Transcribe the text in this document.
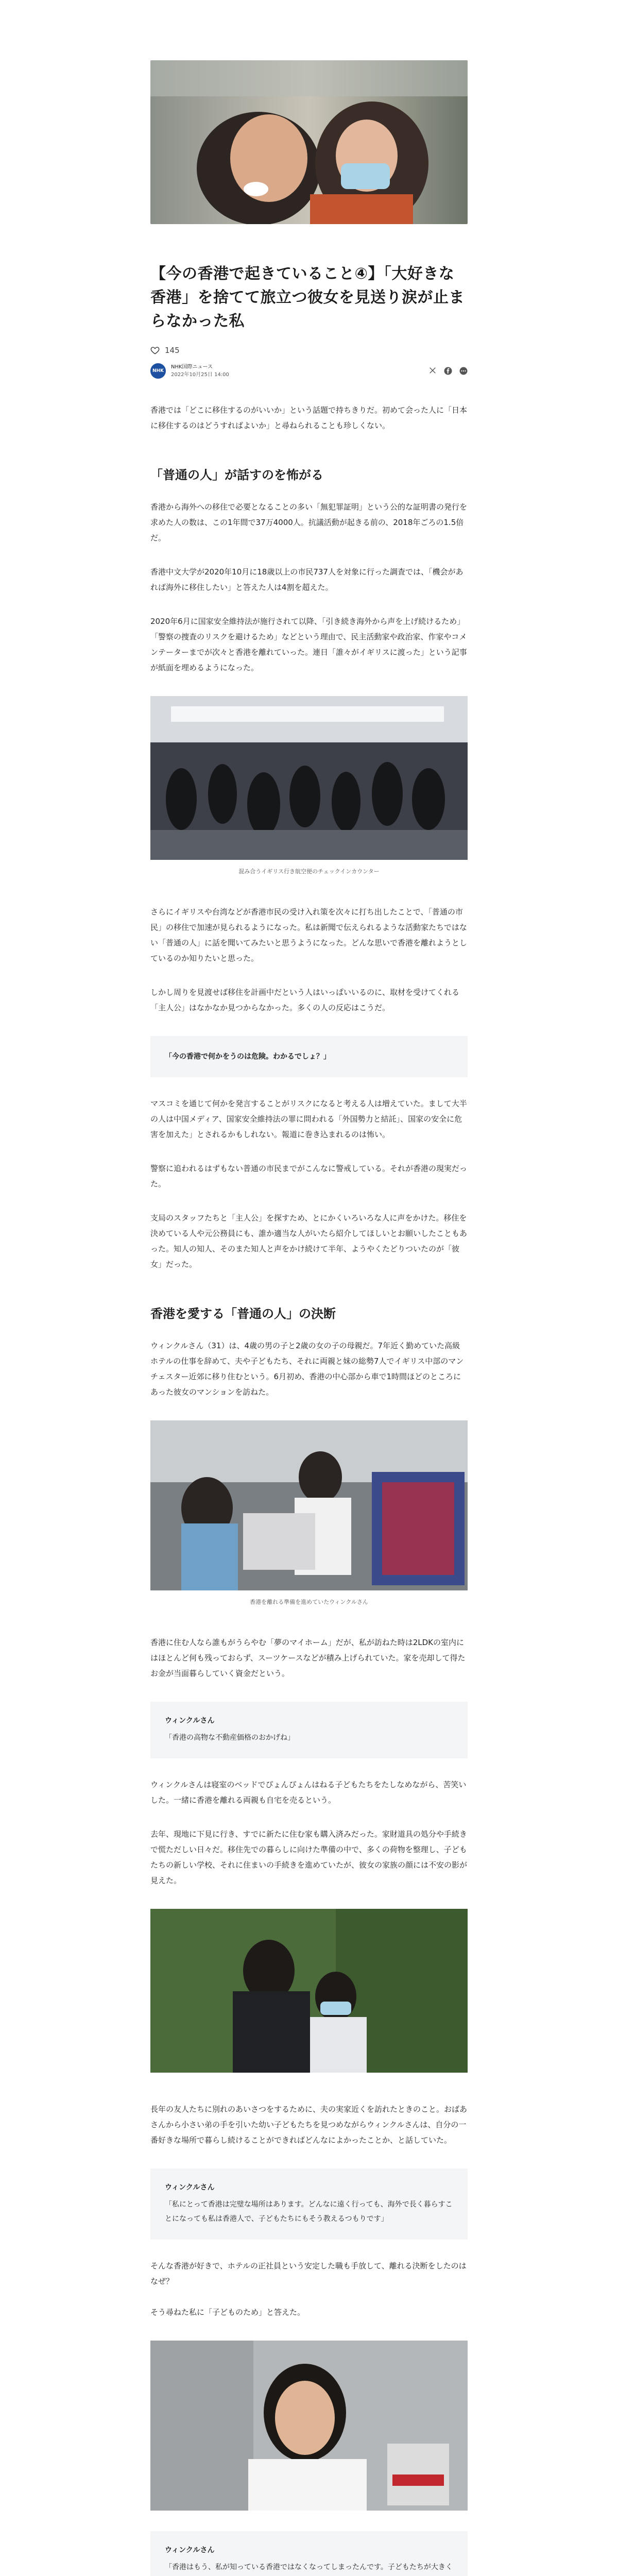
【今の香港で起きていること④】「大好きな香港」を捨てて旅立つ彼女を見送り涙が止まらなかった私
145
NHK
NHK国際ニュース
2022年10月25日 14:00

香港では「どこに移住するのがいいか」という話題で持ちきりだ。初めて会った人に「日本に移住するのはどうすればよいか」と尋ねられることも珍しくない。

「普通の人」が話すのを怖がる

香港から海外への移住で必要となることの多い「無犯罪証明」という公的な証明書の発行を求めた人の数は、この1年間で37万4000人。抗議活動が起きる前の、2018年ごろの1.5倍だ。

香港中文大学が2020年10月に18歳以上の市民737人を対象に行った調査では、「機会があれば海外に移住したい」と答えた人は4割を超えた。

2020年6月に国家安全維持法が施行されて以降、「引き続き海外から声を上げ続けるため」「警察の捜査のリスクを避けるため」などという理由で、民主活動家や政治家、作家やコメンテーターまでが次々と香港を離れていった。連日「誰々がイギリスに渡った」という記事が紙面を埋めるようになった。

混み合うイギリス行き航空便のチェックインカウンター

さらにイギリスや台湾などが香港市民の受け入れ策を次々に打ち出したことで、「普通の市民」の移住で加速が見られるようになった。私は新聞で伝えられるような活動家たちではない「普通の人」に話を聞いてみたいと思うようになった。どんな思いで香港を離れようとしているのか知りたいと思った。

しかし周りを見渡せば移住を計画中だという人はいっぱいいるのに、取材を受けてくれる「主人公」はなかなか見つからなかった。多くの人の反応はこうだ。

「今の香港で何かをうのは危険。わかるでしょ？」

マスコミを通じて何かを発言することがリスクになると考える人は増えていた。まして大半の人は中国メディア、国家安全維持法の罪に問われる「外国勢力と結託」、国家の安全に危害を加えた」とされるかもしれない。報道に巻き込まれるのは怖い。

警察に追われるはずもない普通の市民までがこんなに警戒している。それが香港の現実だった。

支局のスタッフたちと「主人公」を探すため、とにかくいろいろな人に声をかけた。移住を決めている人や元公務員にも、誰か適当な人がいたら紹介してほしいとお願いしたこともあった。知人の知人、そのまた知人と声をかけ続けて半年、ようやくたどりついたのが「彼女」だった。

香港を愛する「普通の人」の決断

ウィンクルさん（31）は、4歳の男の子と2歳の女の子の母親だ。7年近く勤めていた高級ホテルの仕事を辞めて、夫や子どもたち、それに両親と妹の総勢7人でイギリス中部のマンチェスター近郊に移り住むという。6月初め、香港の中心部から車で1時間ほどのところにあった彼女のマンションを訪ねた。

香港を離れる準備を進めていたウィンクルさん

香港に住む人なら誰もがうらやむ「夢のマイホーム」だが、私が訪ねた時は2LDKの室内にはほとんど何も残っておらず、スーツケースなどが積み上げられていた。家を売却して得たお金が当面暮らしていく資金だという。

ウィンクルさん
「香港の高物な不動産価格のおかげね」

ウィンクルさんは寝室のベッドでぴょんぴょんはねる子どもたちをたしなめながら、苦笑いした。一緒に香港を離れる両親も自宅を売るという。

去年、現地に下見に行き、すでに新たに住む家も購入済みだった。家財道具の処分や手続きで慌ただしい日々だ。移住先での暮らしに向けた準備の中で、多くの荷物を整理し、子どもたちの新しい学校、それに住まいの手続きを進めていたが、彼女の家族の顔には不安の影が見えた。

長年の友人たちに別れのあいさつをするために、夫の実家近くを訪れたときのこと。おばあさんから小さい弟の手を引いた幼い子どもたちを見つめながらウィンクルさんは、自分の一番好きな場所で暮らし続けることができればどんなによかったことか、と話していた。

ウィンクルさん
「私にとって香港は完璧な場所はあります。どんなに遠く行っても、海外で長く暮らすことになっても私は香港人で、子どもたちにもそう教えるつもりです」

そんな香港が好きで、ホテルの正社員という安定した職も手放して、離れる決断をしたのはなぜ？

そう尋ねた私に「子どものため」と答えた。

ウィンクルさん
「香港はもう、私が知っている香港ではなくなってしまったんです。子どもたちが大きく
